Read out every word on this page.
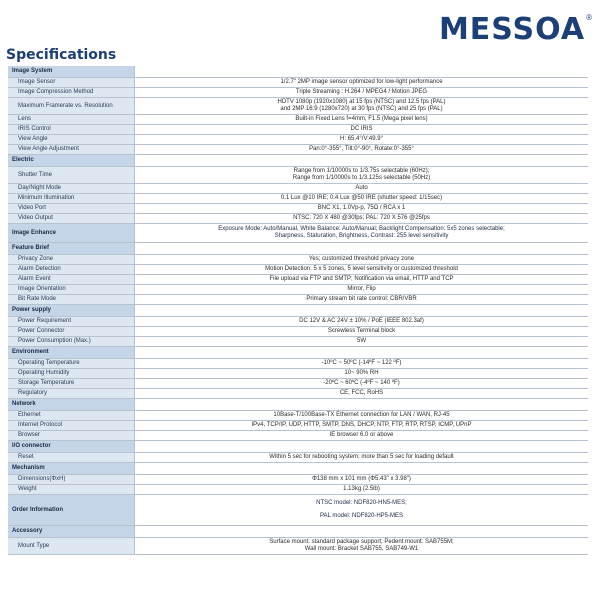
MESSOA ®
Specifications
Image System	
Image Sensor	1/2.7" 2MP image sensor optimized for low-light performance

Image Compression Method	Triple Streaming : H.264 / MPEG4 / Motion JPEG

Maximum Framerate vs. Resolution	HDTV 1080p (1920x1080) at 15 fps (NTSC) and 12.5 fps (PAL)
and 2MP 16:9 (1280x720) at 30 fps (NTSC) and 25 fps (PAL)

Lens	Built-in Fixed Lens f=4mm, F1.5 (Mega pixel lens)

IRIS Control	DC IRIS

View Angle	H: 65.4°/V:49.9°

View Angle Adjustment	Pan:0°-355°, Tilt:0°-90°, Rotate:0°-355°

Electric	
Shutter Time	Range from 1/10000s to 1/3.75s selectable (60Hz);
Range from 1/10000s to 1/3.125s selectable (50Hz)

Day/Night Mode	Auto

Minimum Illumination	0.1 Lux @10 IRE; 0.4 Lux @50 IRE (shutter speed: 1/15sec)

Video Port	BNC X1, 1.0Vp-p, 75Ω / RCA x 1

Video Output	NTSC: 720 X 480 @30fps; PAL: 720 X 576 @25fps

Image Enhance	Exposure Mode: Auto/Manual, White Balance: Auto/Manual; Backlight Compensation: 5x5 zones selectable;
Sharpness, Staturation, Brightness, Contrast: 255 level sensitivity

Feature Brief	
Privacy Zone	Yes; customized threshold privacy zone

Alarm Detection	Motion Detection: 5 x 5 zones, 5 level sensitivity or customized threshold

Alarm Event	File upload via FTP and SMTP; Notification via email, HTTP and TCP

Image Orientation	Mirror, Flip

Bit Rate Mode	Primary stream bit rate control: CBR/VBR

Power supply	
Power Requirement	DC 12V & AC 24V ± 10% / PoE (IEEE 802.3af)

Power Connector	Screwless Terminal block

Power Consumption (Max.)	5W

Environment	
Operating Temperature	-10ºC ~ 50ºC (-14ºF ~ 122 ºF)

Operating Humidity	10~ 90% RH

Storage Temperature	-20ºC ~ 60ºC (-4ºF ~ 140 ºF)

Regulatory	CE, FCC, RoHS

Network	
Ethernet	10Base-T/100Base-TX Ethernet connection for LAN / WAN, RJ-45

Internet Protocol	IPv4, TCP/IP, UDP, HTTP, SMTP, DNS, DHCP, NTP, FTP, RTP, RTSP, ICMP, UPnP

Browser	IE browser 6.0 or above

I/O connector	
Reset	Within 5 sec for rebooting system; more than 5 sec for loading default

Mechanism	
Dimensions(ΦxH)	Φ138 mm x 101 mm (Φ5.43" x 3.98")

Weight	1.13kg (2.5lb)

Order Information	NTSC model: NDF820-HN5-MES;
PAL model: NDF820-HP5-MES

Accessory	
Mount Type	Surface mount: standard package support; Pedent mount: SAB755M;
Wall mount: Bracket SAB755, SAB749-W1
